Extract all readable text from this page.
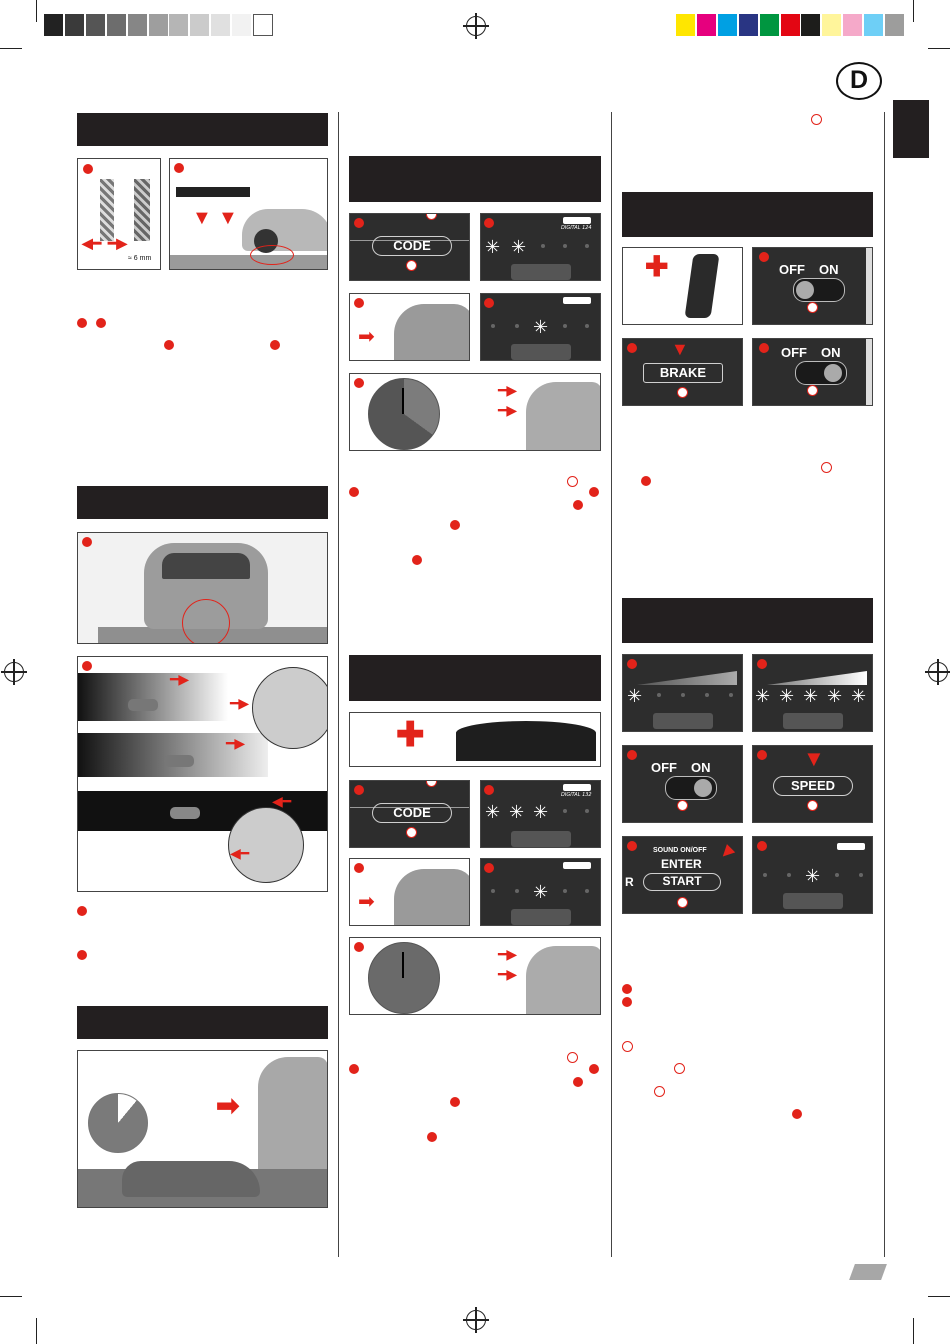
D
◀━ ━▶
≈ 6 mm
▼ ▼
━▶
━▶
━▶
◀━
◀━
➡
CODE
DIGITAL 124
✳ ✳
➡	✳
━▶
━▶
✚
CODE
DIGITAL 132
✳ ✳ ✳
➡	✳
━▶
━▶
✚	OFF ON
▼
BRAKE
OFF ON
✳	✳ ✳ ✳ ✳ ✳
OFF ON	▼
SPEED
SOUND ON/OFF
ENTER
R	START
▼
✳
